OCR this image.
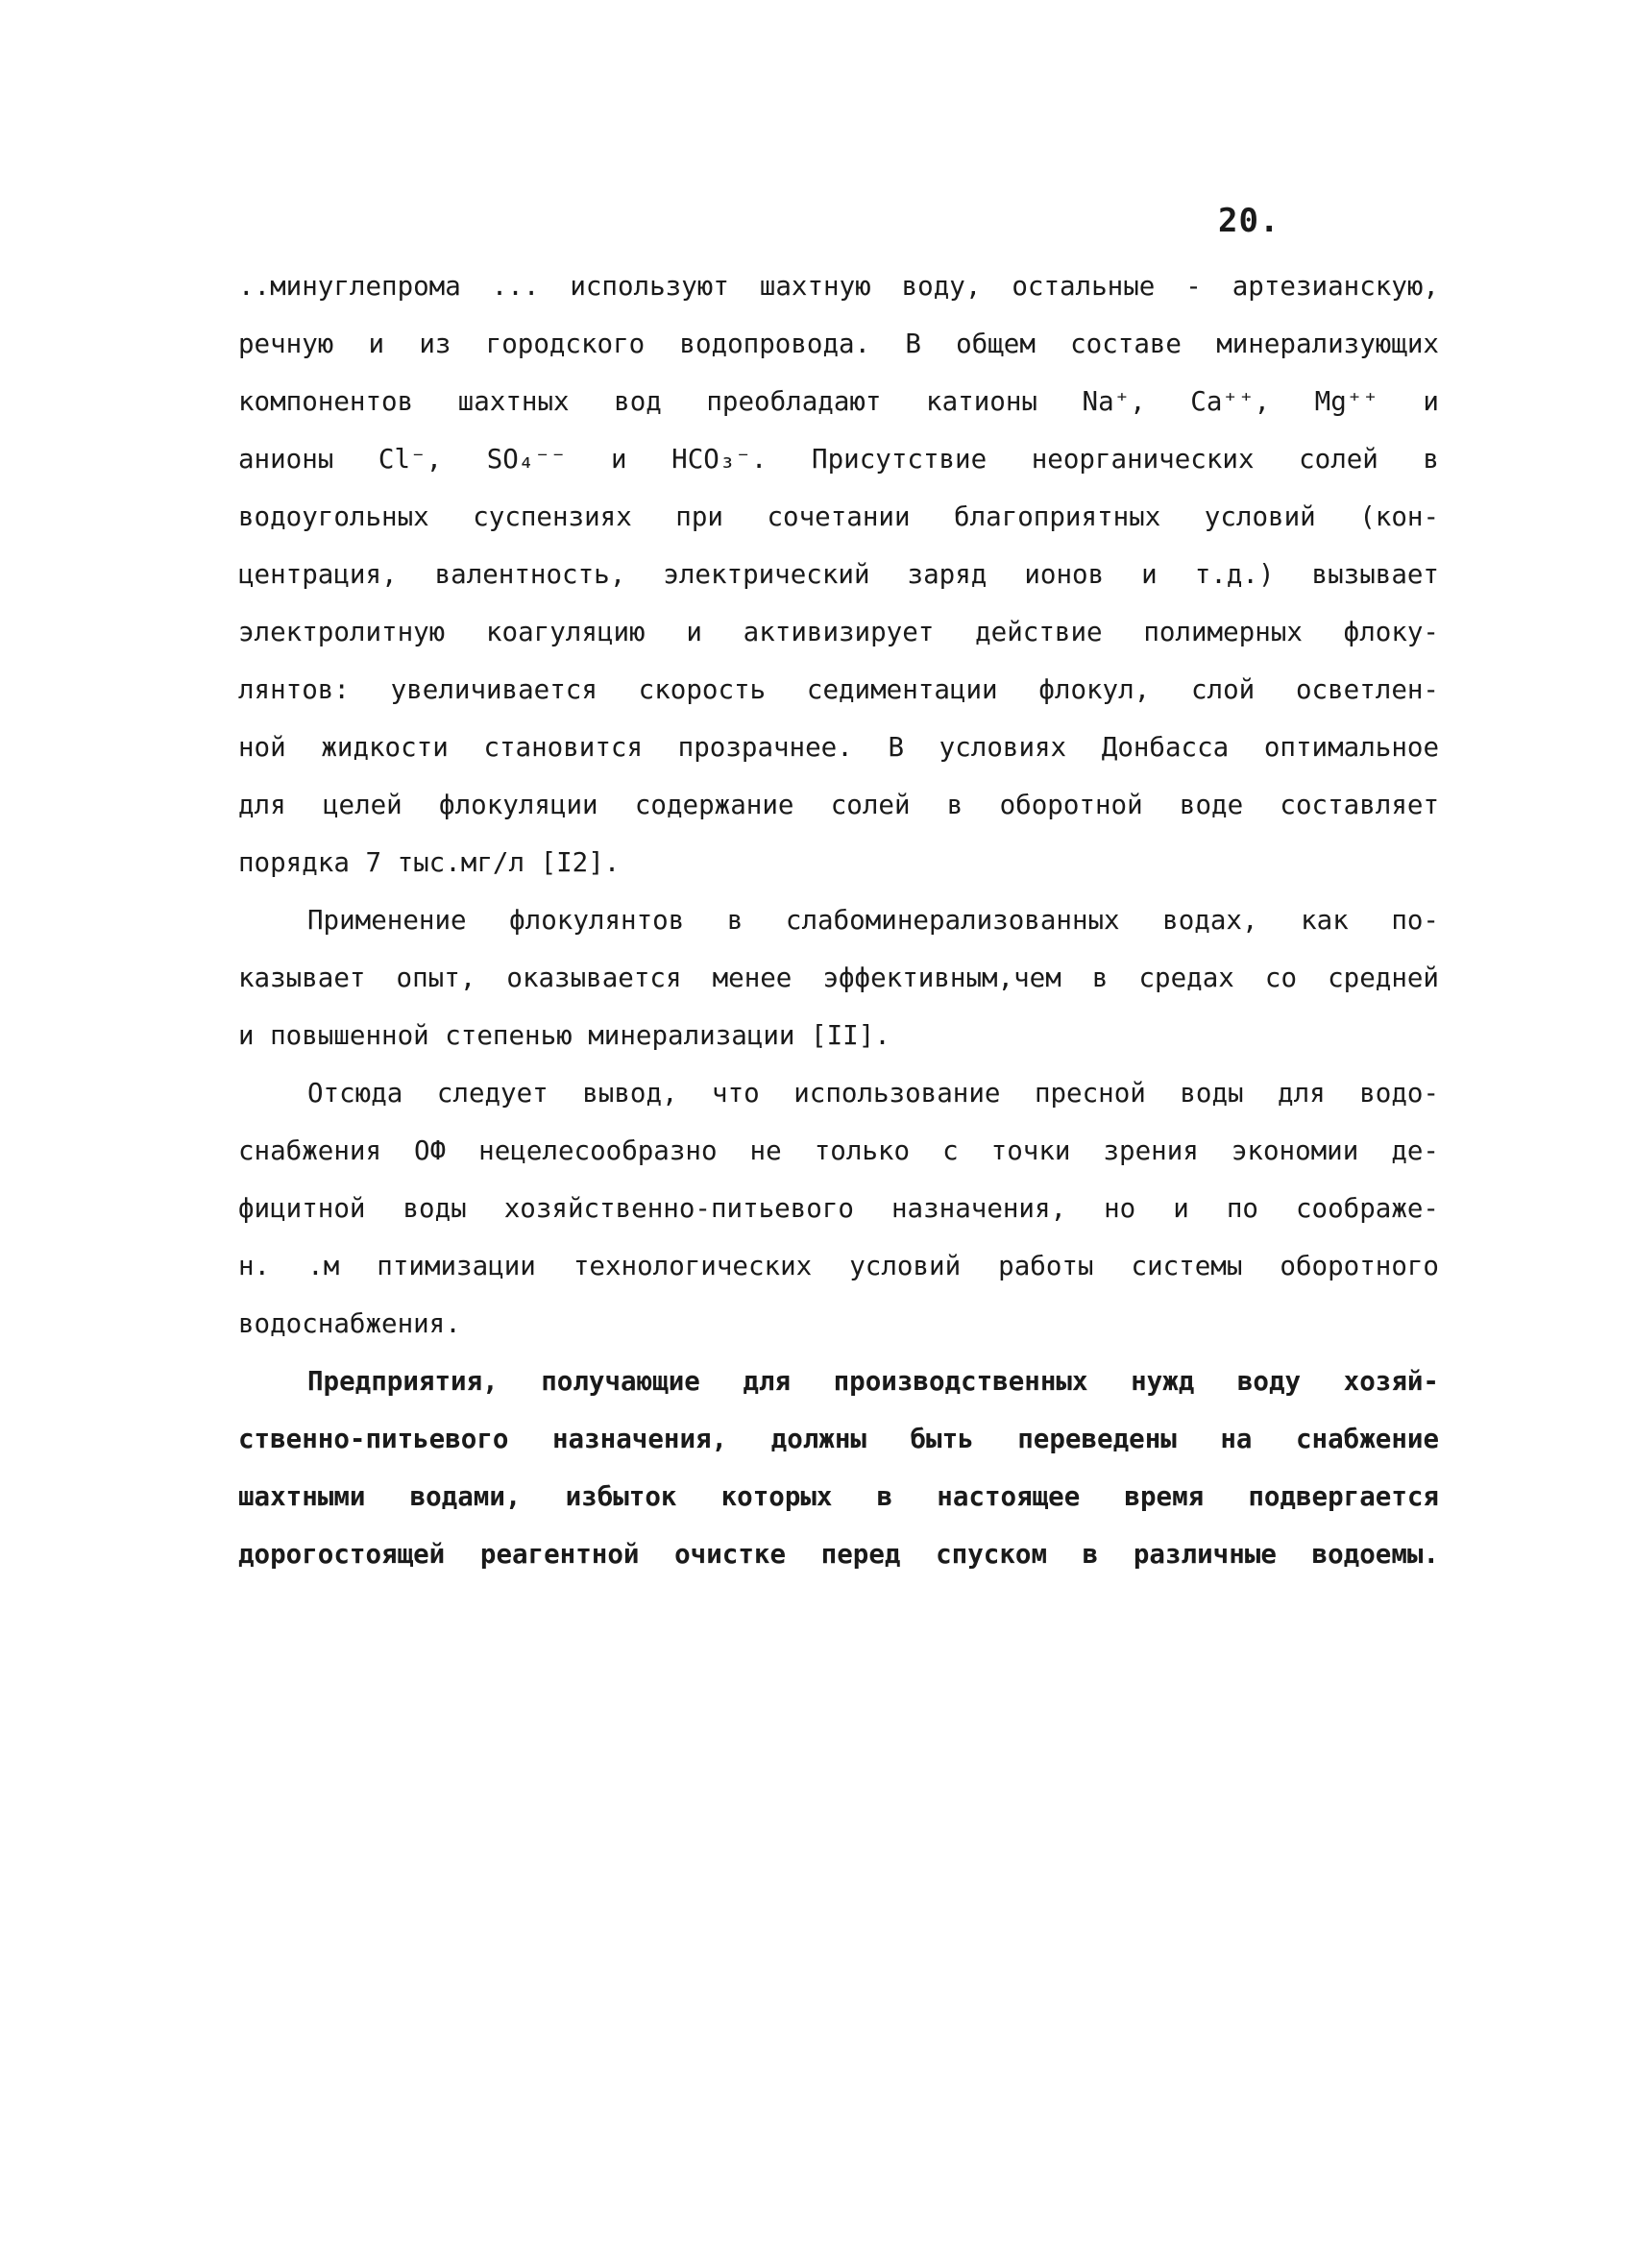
20.
..минуглепрома ... используют шахтную воду, остальные - артезианскую,
речную и из городского водопровода. В общем составе минерализующих
компонентов шахтных вод преобладают катионы Na⁺, Ca⁺⁺, Mg⁺⁺ и
анионы Cl⁻, SO₄⁻⁻ и HCO₃⁻. Присутствие неорганических солей в
водоугольных суспензиях при сочетании благоприятных условий (кон-
центрация, валентность, электрический заряд ионов и т.д.) вызывает
электролитную коагуляцию и активизирует действие полимерных флоку-
лянтов: увеличивается скорость седиментации флокул, слой осветлен-
ной жидкости становится прозрачнее. В условиях Донбасса оптимальное
для целей флокуляции содержание солей в оборотной воде составляет
порядка 7 тыс.мг/л [I2].
Применение флокулянтов в слабоминерализованных водах, как по-
казывает опыт, оказывается менее эффективным,чем в средах со средней
и повышенной степенью минерализации [II].
Отсюда следует вывод, что использование пресной воды для водо-
снабжения ОФ нецелесообразно не только с точки зрения экономии де-
фицитной воды хозяйственно-питьевого назначения, но и по соображе-
н. .м птимизации технологических условий работы системы оборотного
водоснабжения.
Предприятия, получающие для производственных нужд воду хозяй-
ственно-питьевого назначения, должны быть переведены на снабжение
шахтными водами, избыток которых в настоящее время подвергается
дорогостоящей реагентной очистке перед спуском в различные водоемы.
